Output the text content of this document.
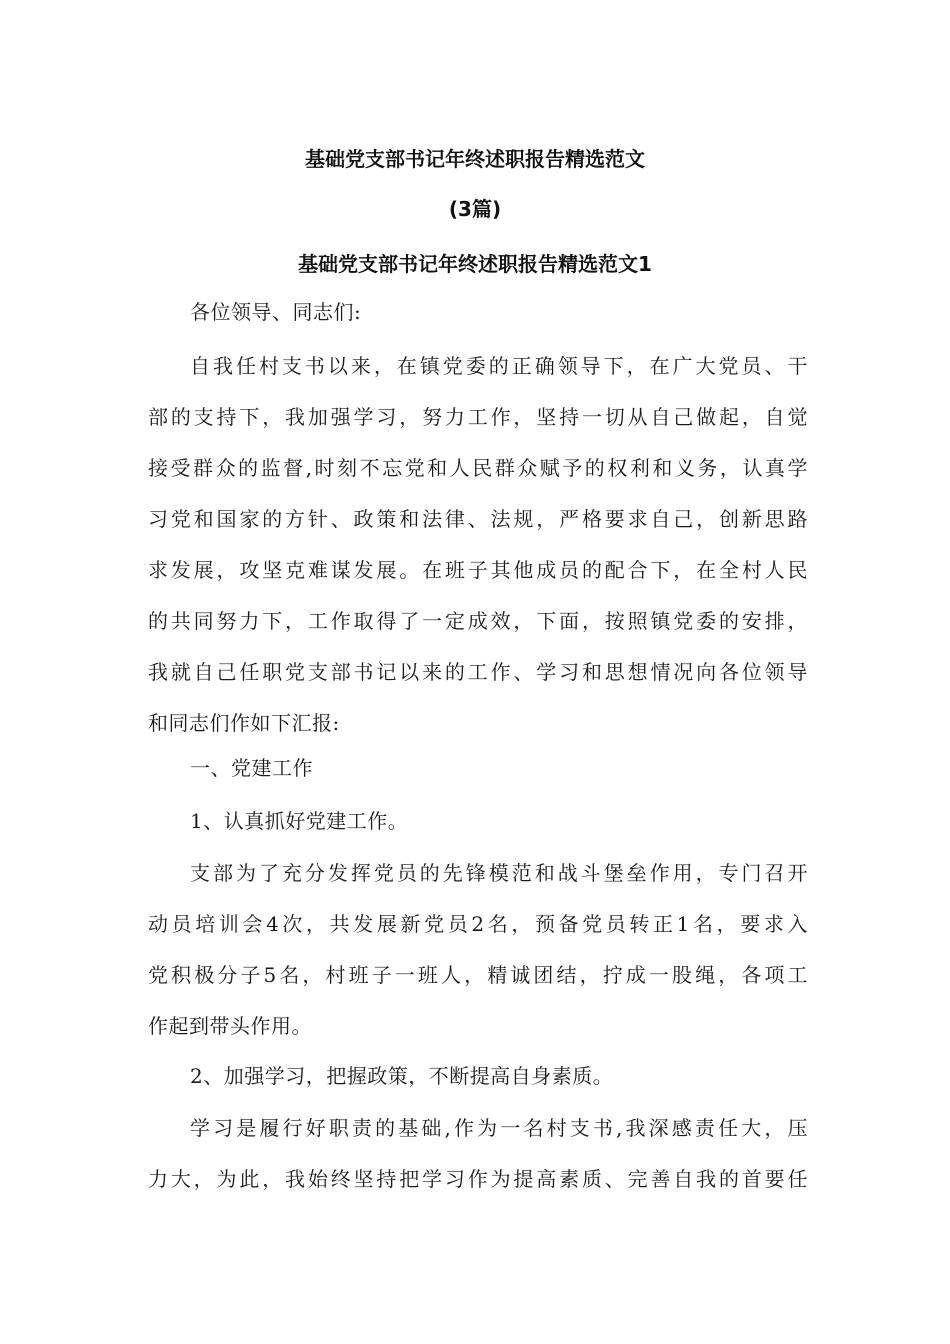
基础党支部书记年终述职报告精选范文
(3篇)
基础党支部书记年终述职报告精选范文1
各位领导、同志们:
自我任村支书以来，在镇党委的正确领导下，在广大党员、干
部的支持下，我加强学习，努力工作，坚持一切从自己做起，自觉
接受群众的监督,时刻不忘党和人民群众赋予的权利和义务，认真学
习党和国家的方针、政策和法律、法规，严格要求自己，创新思路
求发展，攻坚克难谋发展。在班子其他成员的配合下，在全村人民
的共同努力下，工作取得了一定成效，下面，按照镇党委的安排，
我就自己任职党支部书记以来的工作、学习和思想情况向各位领导
和同志们作如下汇报:
一、党建工作
1、认真抓好党建工作。
支部为了充分发挥党员的先锋模范和战斗堡垒作用，专门召开
动员培训会4次，共发展新党员2名，预备党员转正1名，要求入
党积极分子5名，村班子一班人，精诚团结，拧成一股绳，各项工
作起到带头作用。
2、加强学习，把握政策，不断提高自身素质。
学习是履行好职责的基础,作为一名村支书,我深感责任大，压
力大，为此，我始终坚持把学习作为提高素质、完善自我的首要任
